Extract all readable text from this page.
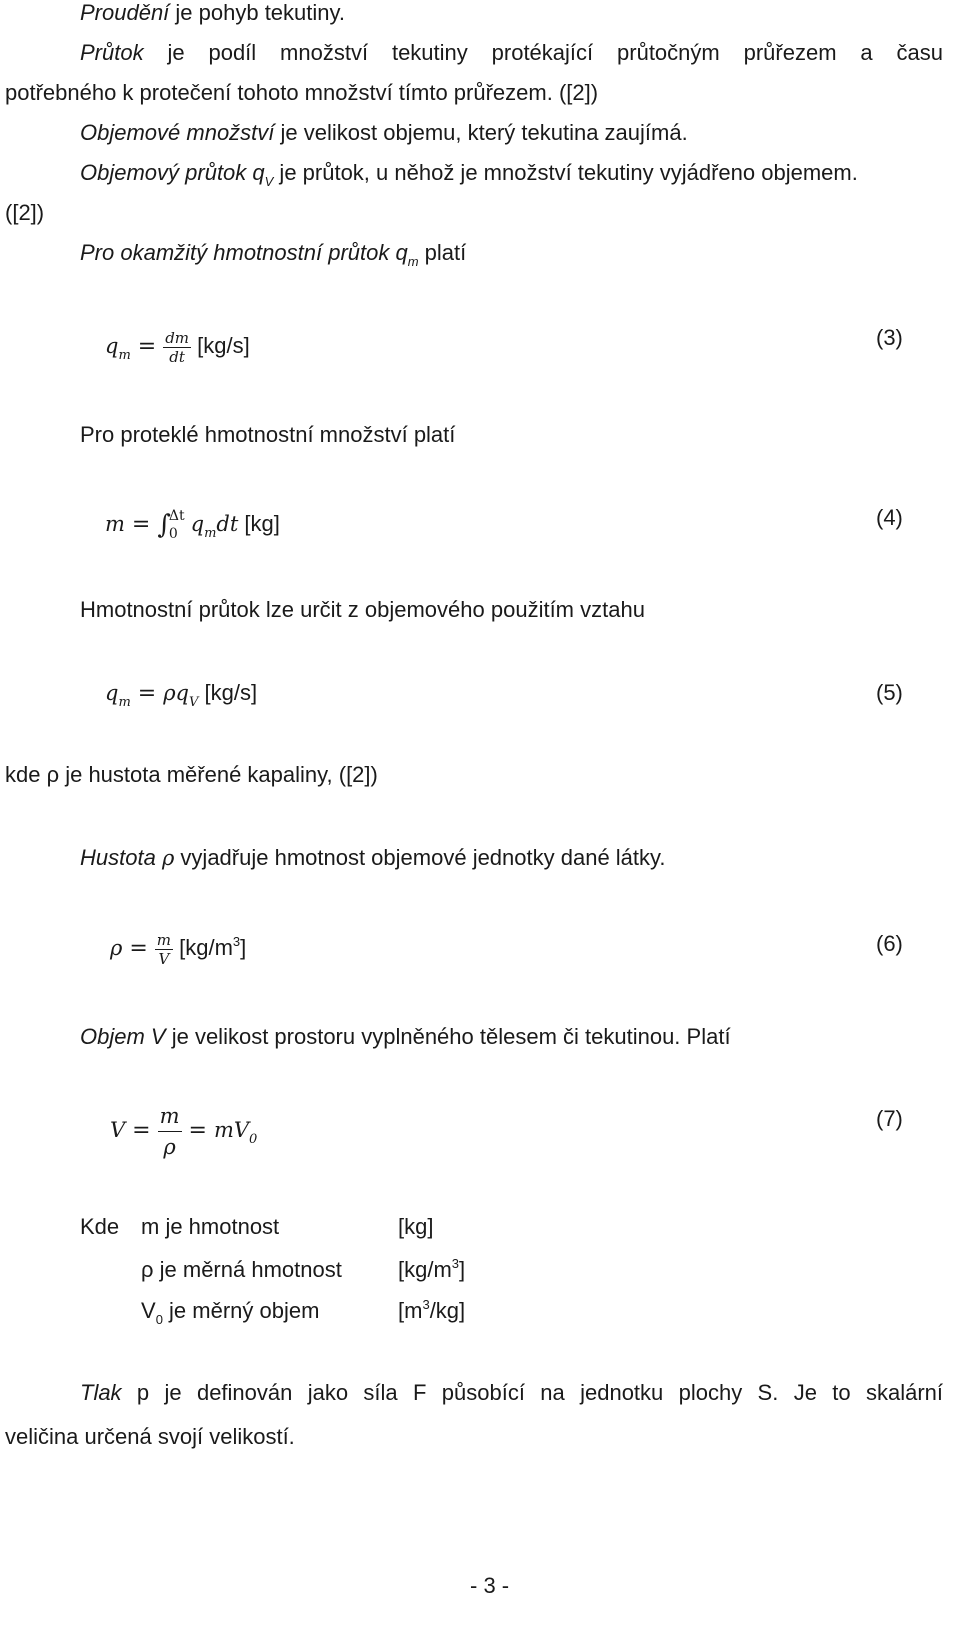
Proudění je pohyb tekutiny.
Průtok je podíl množství tekutiny protékající průtočným průřezem a času
potřebného k protečení tohoto množství tímto průřezem. ([2])
Objemové množství je velikost objemu, který tekutina zaujímá.
Objemový průtok $q_V$ je průtok, u něhož je množství tekutiny vyjádřeno objemem.
([2])
Pro okamžitý hmotnostní průtok $q_m$ platí
$q_m = \frac{dm}{dt} [kg/s]$	(3)
Pro proteklé hmotnostní množství platí
m = ∫
Δt
0 $q_mdt$ [kg]	(4)
Hmotnostní průtok lze určit z objemového použitím vztahu
$q_m = \rho q_V$ [kg/s]	(5)
kde ρ je hustota měřené kapaliny, ([2])
Hustota ρ vyjadřuje hmotnost objemové jednotky dané látky.
$\rho = \frac{m}{V} [kg/m^3]$	(6)
Objem V je velikost prostoru vyplněného tělesem či tekutinou. Platí
$V = \frac{m}{\rho} = mV_0$
(7)
Kde m je hmotnost	[kg]
ρ je měrná hmotnost	$[kg/m^3]$
$V_0$ je měrný objem	$[m^3/kg]$
Tlak p je definován jako síla F působící na jednotku plochy S. Je to skalární
veličina určená svojí velikostí.
- 3 -
